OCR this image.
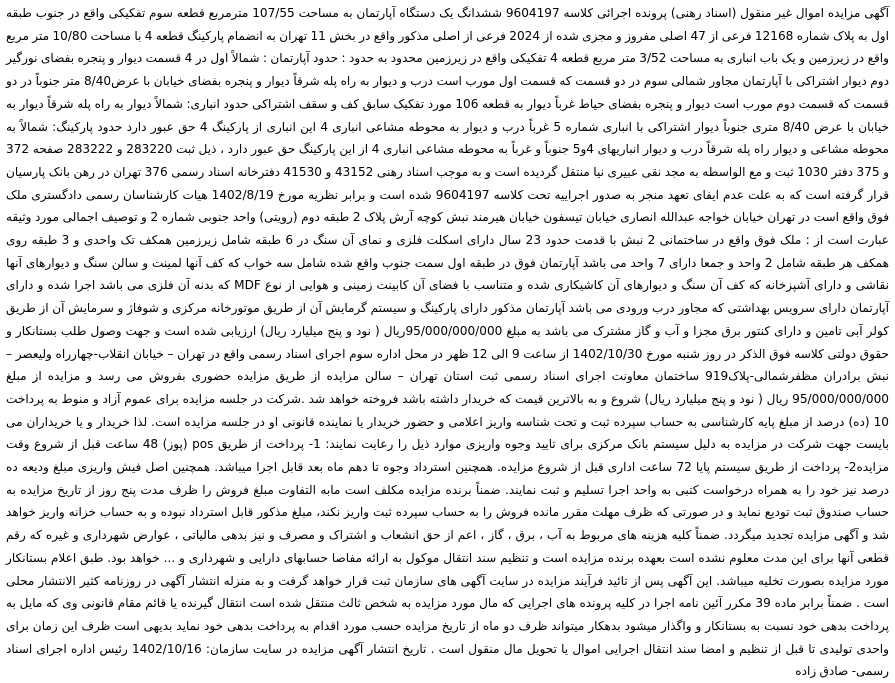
آگهی مزایده اموال غیر منقول (اسناد رهنی) پرونده اجرائی کلاسه 9604197 ششدانگ یک دستگاه آپارتمان به مساحت 107/55 مترمربع قطعه سوم تفکیکی واقع در جنوب طبقه اول به پلاک شماره 12168 فرعی از 47 اصلی مفروز و مجزی شده از 2024 فرعی از اصلی مذکور واقع در بخش 11 تهران به انضمام پارکینگ قطعه 4 با مساحت 10/80 متر مربع واقع در زیرزمین و یک باب انباری به مساحت 3/52 متر مربع قطعه 4 تفکیکی واقع در زیرزمین محدود به حدود : حدود آپارتمان : شمالاً اول در 4 قسمت دیوار و پنجره بفضای نورگیر دوم دیوار اشتراکی با آپارتمان مجاور شمالی سوم در دو قسمت که قسمت اول مورب است درب و دیوار به راه پله شرقاً دیوار و پنجره بفضای خیابان با عرض8/40 متر جنوباً در دو قسمت که قسمت دوم مورب است دیوار و پنجره بفضای حیاط غرباً دیوار به قطعه 106 مورد تفکیک سابق کف و سقف اشتراکی حدود انباری: شمالاً دیوار به راه پله شرقاً دیوار به خیابان با عرض 8/40 متری جنوباً دیوار اشتراکی با انباری شماره 5 غرباً درب و دیوار به محوطه مشاعی انباری 4 این انباری از پارکینگ 4 حق عبور دارد حدود پارکینگ: شمالاً به محوطه مشاعی و دیوار راه پله شرقاً درب و دیوار انباریهای 4و5 جنوباً و غرباً به محوطه مشاعی انباری 4 از این پارکینگ حق عبور دارد ، ذیل ثبت 283220 و 283222 صفحه 372 و 375 دفتر 1030 ثبت و مع الواسطه به مجد نقی عبیری نیا منتقل گردیده است و به موجب اسناد رهنی 43152 و 41530 دفترخانه اسناد رسمی 376 تهران در رهن بانک پارسیان قرار گرفته است که به علت عدم ایفای تعهد منجر به صدور اجراییه تحت کلاسه 9604197 شده است و برابر نظریه مورخ 1402/8/19 هیات کارشناسان رسمی دادگستری ملک فوق واقع است در تهران خیابان خواجه عبدالله انصاری خیابان تیسفون خیابان هیرمند نبش کوچه آرش پلاک 2 طبقه دوم (رویتی) واحد جنوبی شماره 2 و توصیف اجمالی مورد وثیقه عبارت است از : ملک فوق واقع در ساختمانی 2 نبش با قدمت حدود 23 سال دارای اسکلت فلزی و نمای آن سنگ در 6 طبقه شامل زیرزمین همکف تک واحدی و 3 طبقه روی همکف هر طبقه شامل 2 واحد و جمعا دارای 7 واحد می باشد آپارتمان فوق در طبقه اول سمت جنوب واقع شده شامل سه خواب که کف آنها لمینت و سالن سنگ و دیوارهای آنها نقاشی و دارای آشپزخانه که کف آن سنگ و دیوارهای آن کاشیکاری شده و متناسب با فضای آن کابینت زمینی و هوایی از نوع MDF که بدنه آن فلزی می باشد اجرا شده و دارای آپارتمان دارای سرویس بهداشتی که مجاور درب ورودی می باشد آپارتمان مذکور دارای پارکینگ و سیستم گرمایش آن از طریق موتورخانه مرکزی و شوفاژ و سرمایش آن از طریق کولر آبی تامین و دارای کنتور برق مجزا و آب و گاز مشترک می باشد به مبلغ 95/000/000/000ریال ( نود و پنج میلیارد ریال) ارزیابی شده است و جهت وصول طلب بستانکار و حقوق دولتی کلاسه فوق الذکر در روز شنبه مورخ 1402/10/30 از ساعت 9 الی 12 ظهر در محل اداره سوم اجرای اسناد رسمی واقع در تهران – خیابان انقلاب-چهارراه ولیعصر – نبش برادران مظفرشمالی-پلاک919 ساختمان معاونت اجرای اسناد رسمی ثبت استان تهران – سالن مزایده از طریق مزایده حضوری بفروش می رسد و مزایده از مبلغ 95/000/000/000 ریال ( نود و پنج میلیارد ریال) شروع و به بالاترین قیمت که خریدار داشته باشد فروخته خواهد شد .شرکت در جلسه مزایده برای عموم آزاد و منوط به پرداخت 10 (ده) درصد از مبلغ پایه کارشناسی به حساب سپرده ثبت و تحت شناسه واریز اعلامی و حضور خریدار یا نماینده قانونی او در جلسه مزایده است. لذا خریدار و یا خریداران می بایست جهت شرکت در مزایده به دلیل سیستم بانک مرکزی برای تایید وجوه واریزی موارد ذیل را رعایت نمایند: 1- پرداخت از طریق pos (پوز) 48 ساعت قبل از شروع وقت مزایده2- پرداخت از طریق سیستم پایا 72 ساعت اداری قبل از شروع مزایده. همچنین استرداد وجوه تا دهم ماه بعد قابل اجرا میباشد. همچنین اصل فیش واریزی مبلغ ودیعه ده درصد نیز خود را به همراه درخواست کتبی به واحد اجرا تسلیم و ثبت نمایند. ضمناً برنده مزایده مکلف است مابه التفاوت مبلغ فروش را ظرف مدت پنج روز از تاریخ مزایده به حساب صندوق ثبت تودیع نماید و در صورتی که ظرف مهلت مقرر مانده فروش را به حساب سپرده ثبت واریز نکند، مبلغ مذکور قابل استرداد نبوده و به حساب خزانه واریز خواهد شد و آگهی مزایده تجدید میگردد. ضمناً کلیه هزینه های مربوط به آب ، برق ، گاز ، اعم از حق انشعاب و اشتراک و مصرف و نیز بدهی مالیاتی ، عوارض شهرداری و غیره که رقم قطعی آنها برای این مدت معلوم نشده است بعهده برنده مزایده است و تنظیم سند انتقال موکول به ارائه مفاصا حسابهای دارایی و شهرداری و ... خواهد بود. طبق اعلام بستانکار مورد مزایده بصورت تخلیه میباشد. این آگهی پس از تائید فرآیند مزایده در سایت آگهی های سازمان ثبت قرار خواهد گرفت و به منزله انتشار آگهی در روزنامه کثیر الانتشار محلی است . ضمناً برابر ماده 39 مکرر آئین نامه اجرا در کلیه پرونده های اجرایی که مال مورد مزایده به شخص ثالث منتقل شده است انتقال گیرنده یا قائم مقام قانونی وی که مایل به پرداخت بدهی خود نسبت به بستانکار و واگذار میشود بدهکار میتواند ظرف دو ماه از تاریخ مزایده حسب مورد اقدام به پرداخت بدهی خود نماید بدیهی است ظرف این زمان برای واحدی تولیدی تا قبل از تنظیم و امضا سند انتقال اجرایی اموال یا تحویل مال منقول است . تاریخ انتشار آگهی مزایده در سایت سازمان: 1402/10/16 رئیس اداره اجرای اسناد رسمی- صادق زاده
